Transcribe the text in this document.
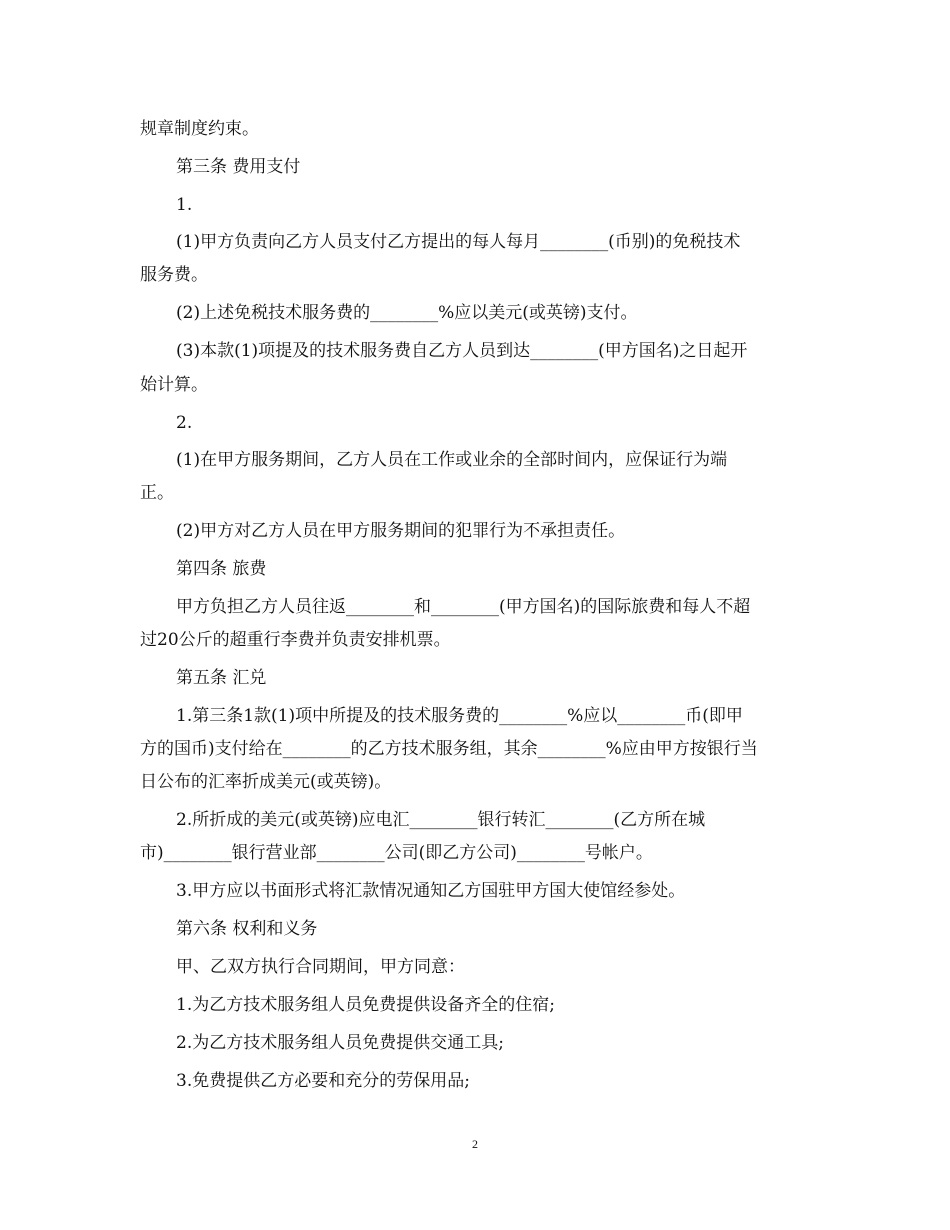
规章制度约束。
第三条 费用支付
1.
(1)甲方负责向乙方人员支付乙方提出的每人每月________(币别)的免税技术
服务费。
(2)上述免税技术服务费的________%应以美元(或英镑)支付。
(3)本款(1)项提及的技术服务费自乙方人员到达________(甲方国名)之日起开
始计算。
2.
(1)在甲方服务期间，乙方人员在工作或业余的全部时间内，应保证行为端
正。
(2)甲方对乙方人员在甲方服务期间的犯罪行为不承担责任。
第四条 旅费
甲方负担乙方人员往返________和________(甲方国名)的国际旅费和每人不超
过20公斤的超重行李费并负责安排机票。
第五条 汇兑
1.第三条1款(1)项中所提及的技术服务费的________%应以________币(即甲
方的国币)支付给在________的乙方技术服务组，其余________%应由甲方按银行当
日公布的汇率折成美元(或英镑)。
2.所折成的美元(或英镑)应电汇________银行转汇________(乙方所在城
市)________银行营业部________公司(即乙方公司)________号帐户。
3.甲方应以书面形式将汇款情况通知乙方国驻甲方国大使馆经参处。
第六条 权利和义务
甲、乙双方执行合同期间，甲方同意：
1.为乙方技术服务组人员免费提供设备齐全的住宿;
2.为乙方技术服务组人员免费提供交通工具;
3.免费提供乙方必要和充分的劳保用品;
2
